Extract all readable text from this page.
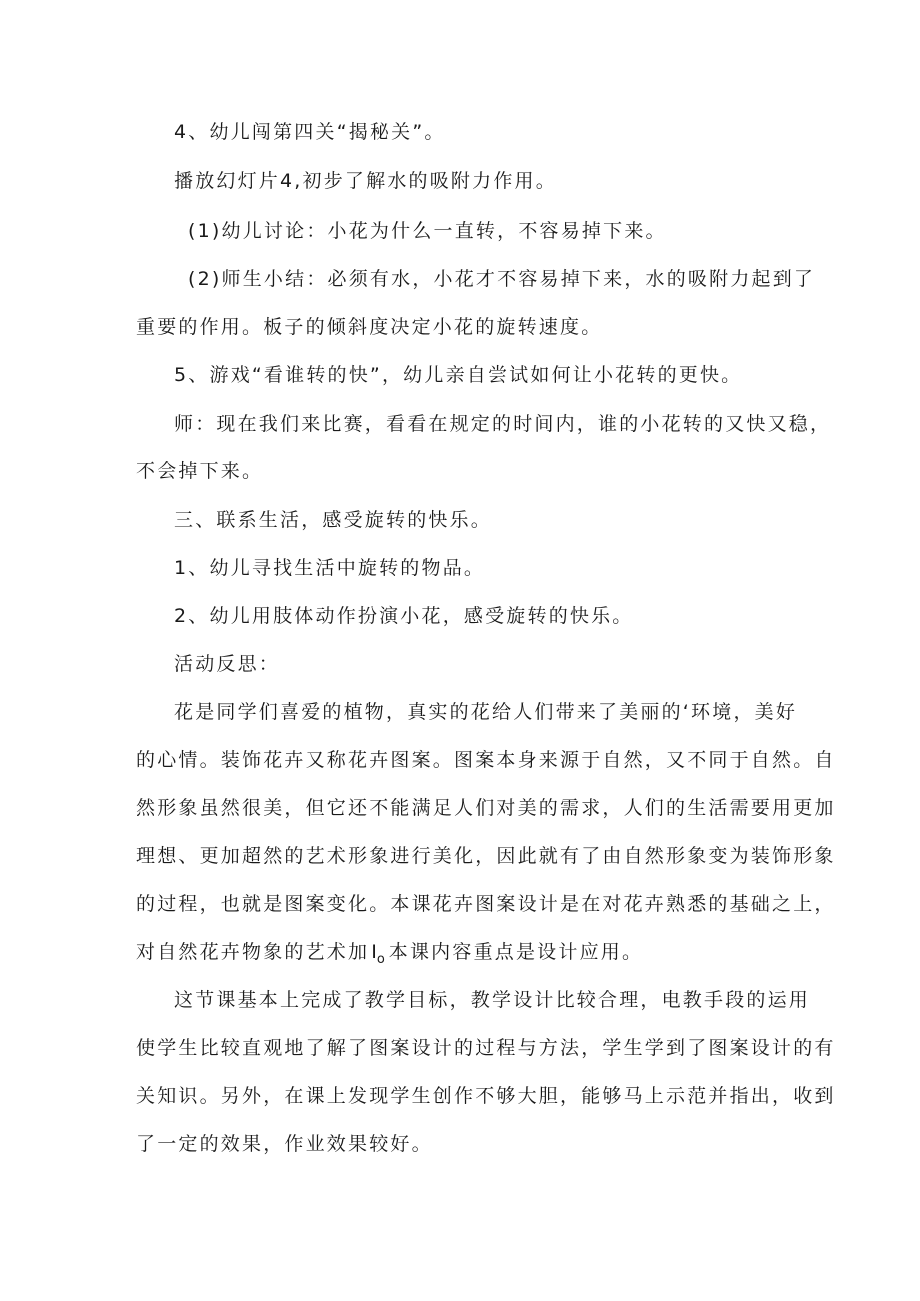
4、幼儿闯第四关“揭秘关”。
播放幻灯片4,初步了解水的吸附力作用。
(1)幼儿讨论：小花为什么一直转，不容易掉下来。
(2)师生小结：必须有水，小花才不容易掉下来，水的吸附力起到了
重要的作用。板子的倾斜度决定小花的旋转速度。
5、游戏“看谁转的快”，幼儿亲自尝试如何让小花转的更快。
师：现在我们来比赛，看看在规定的时间内，谁的小花转的又快又稳，
不会掉下来。
三、联系生活，感受旋转的快乐。
1、幼儿寻找生活中旋转的物品。
2、幼儿用肢体动作扮演小花，感受旋转的快乐。
活动反思：
花是同学们喜爱的植物，真实的花给人们带来了美丽的‘环境，美好
的心情。装饰花卉又称花卉图案。图案本身来源于自然，又不同于自然。自
然形象虽然很美，但它还不能满足人们对美的需求，人们的生活需要用更加
理想、更加超然的艺术形象进行美化，因此就有了由自然形象变为装饰形象
的过程，也就是图案变化。本课花卉图案设计是在对花卉熟悉的基础之上，
对自然花卉物象的艺术加 $I_o$ 本课内容重点是设计应用。
这节课基本上完成了教学目标，教学设计比较合理，电教手段的运用
使学生比较直观地了解了图案设计的过程与方法，学生学到了图案设计的有
关知识。另外，在课上发现学生创作不够大胆，能够马上示范并指出，收到
了一定的效果，作业效果较好。
